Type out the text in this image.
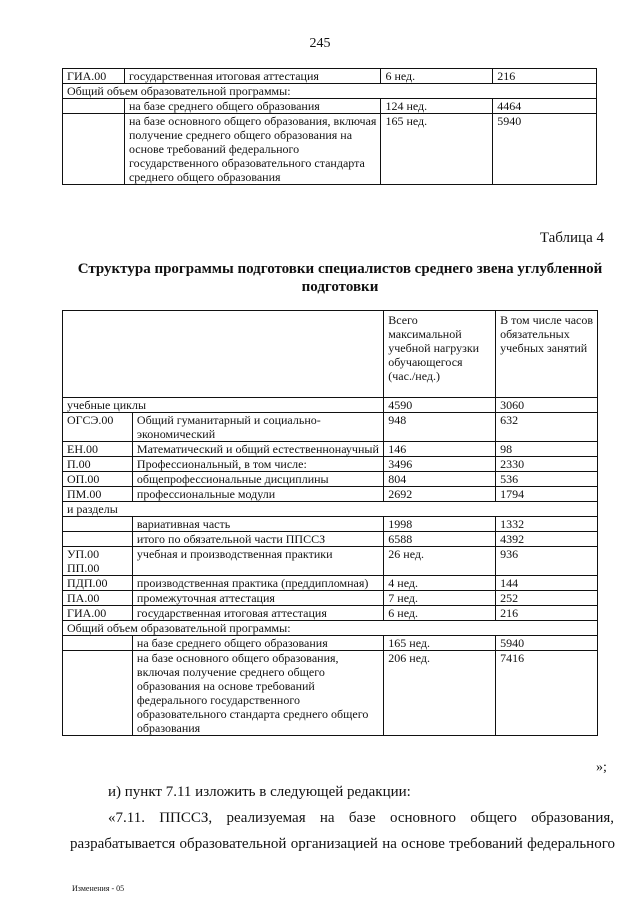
245
ГИА.00	государственная итоговая аттестация	6 нед.	216
Общий объем образовательной программы:			
	на базе среднего общего образования	124 нед.	4464
	на базе основного общего образования, включая получение среднего общего образования на основе требований федерального государственного образовательного стандарта среднего общего образования	165 нед.	5940
Таблица 4
Структура программы подготовки специалистов среднего звена углубленной подготовки
		Всего максимальной учебной нагрузки обучающегося (час./нед.)	В том числе часов обязательных учебных занятий
учебные циклы		4590	3060
ОГСЭ.00	Общий гуманитарный и социально-экономический	948	632
ЕН.00	Математический и общий естественнонаучный	146	98
П.00	Профессиональный, в том числе:	3496	2330
ОП.00	общепрофессиональные дисциплины	804	536
ПМ.00	профессиональные модули	2692	1794
и разделы			
	вариативная часть	1998	1332
	итого по обязательной части ППССЗ	6588	4392
УП.00 ПП.00	учебная и производственная практики	26 нед.	936
ПДП.00	производственная практика (преддипломная)	4 нед.	144
ПА.00	промежуточная аттестация	7 нед.	252
ГИА.00	государственная итоговая аттестация	6 нед.	216
Общий объем образовательной программы:			
	на базе среднего общего образования	165 нед.	5940
	на базе основного общего образования, включая получение среднего общего образования на основе требований федерального государственного образовательного стандарта среднего общего образования	206 нед.	7416
»;
и) пункт 7.11 изложить в следующей редакции:
«7.11. ППССЗ, реализуемая на базе основного общего образования,
разрабатывается образовательной организацией на основе требований федерального
Изменения - 05
